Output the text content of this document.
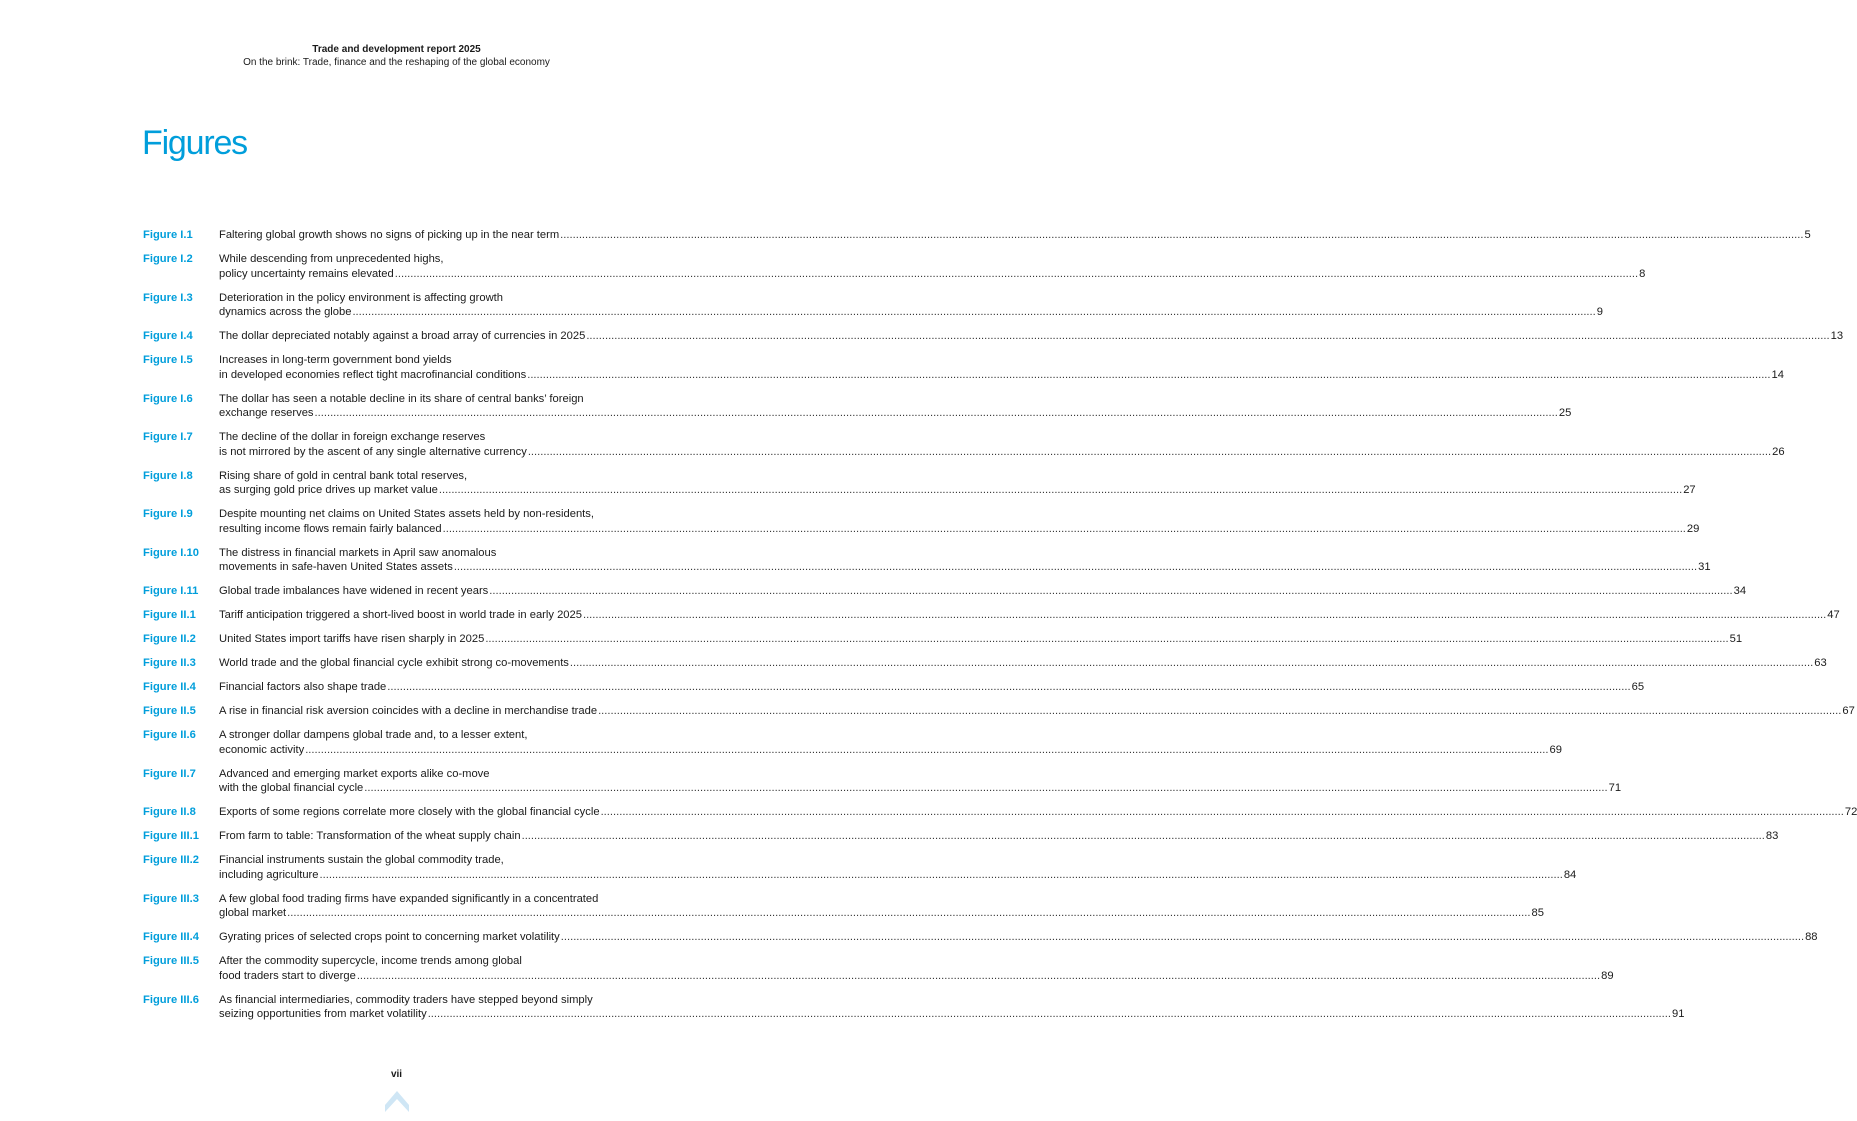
Trade and development report 2025
On the brink: Trade, finance and the reshaping of the global economy
Figures
Figure I.1	Faltering global growth shows no signs of picking up in the near term ................................................................................................................................................................................................................................................................................................................................................................................................................ 5
Figure I.2	While descending from unprecedented highs,
policy uncertainty remains elevated ................................................................................................................................................................................................................................................................................................................................................................................................................ 8
Figure I.3	Deterioration in the policy environment is affecting growth
dynamics across the globe ................................................................................................................................................................................................................................................................................................................................................................................................................ 9
Figure I.4	The dollar depreciated notably against a broad array of currencies in 2025 ................................................................................................................................................................................................................................................................................................................................................................................................................ 13
Figure I.5	Increases in long-term government bond yields
in developed economies reflect tight macrofinancial conditions ................................................................................................................................................................................................................................................................................................................................................................................................................ 14
Figure I.6	The dollar has seen a notable decline in its share of central banks’ foreign
exchange reserves ................................................................................................................................................................................................................................................................................................................................................................................................................ 25
Figure I.7	The decline of the dollar in foreign exchange reserves
is not mirrored by the ascent of any single alternative currency ................................................................................................................................................................................................................................................................................................................................................................................................................ 26
Figure I.8	Rising share of gold in central bank total reserves,
as surging gold price drives up market value ................................................................................................................................................................................................................................................................................................................................................................................................................ 27
Figure I.9	Despite mounting net claims on United States assets held by non-residents,
resulting income flows remain fairly balanced ................................................................................................................................................................................................................................................................................................................................................................................................................ 29
Figure I.10	The distress in financial markets in April saw anomalous
movements in safe-haven United States assets ................................................................................................................................................................................................................................................................................................................................................................................................................ 31
Figure I.11	Global trade imbalances have widened in recent years ................................................................................................................................................................................................................................................................................................................................................................................................................ 34
Figure II.1	Tariff anticipation triggered a short-lived boost in world trade in early 2025 ................................................................................................................................................................................................................................................................................................................................................................................................................ 47
Figure II.2	United States import tariffs have risen sharply in 2025 ................................................................................................................................................................................................................................................................................................................................................................................................................ 51
Figure II.3	World trade and the global financial cycle exhibit strong co-movements ................................................................................................................................................................................................................................................................................................................................................................................................................ 63
Figure II.4	Financial factors also shape trade ................................................................................................................................................................................................................................................................................................................................................................................................................ 65
Figure II.5	A rise in financial risk aversion coincides with a decline in merchandise trade ................................................................................................................................................................................................................................................................................................................................................................................................................ 67
Figure II.6	A stronger dollar dampens global trade and, to a lesser extent,
economic activity ................................................................................................................................................................................................................................................................................................................................................................................................................ 69
Figure II.7	Advanced and emerging market exports alike co-move
with the global financial cycle ................................................................................................................................................................................................................................................................................................................................................................................................................ 71
Figure II.8	Exports of some regions correlate more closely with the global financial cycle ................................................................................................................................................................................................................................................................................................................................................................................................................ 72
Figure III.1	From farm to table: Transformation of the wheat supply chain ................................................................................................................................................................................................................................................................................................................................................................................................................ 83
Figure III.2	Financial instruments sustain the global commodity trade,
including agriculture ................................................................................................................................................................................................................................................................................................................................................................................................................ 84
Figure III.3	A few global food trading firms have expanded significantly in a concentrated
global market ................................................................................................................................................................................................................................................................................................................................................................................................................ 85
Figure III.4	Gyrating prices of selected crops point to concerning market volatility ................................................................................................................................................................................................................................................................................................................................................................................................................ 88
Figure III.5	After the commodity supercycle, income trends among global
food traders start to diverge ................................................................................................................................................................................................................................................................................................................................................................................................................ 89
Figure III.6	As financial intermediaries, commodity traders have stepped beyond simply
seizing opportunities from market volatility ................................................................................................................................................................................................................................................................................................................................................................................................................ 91
vii
